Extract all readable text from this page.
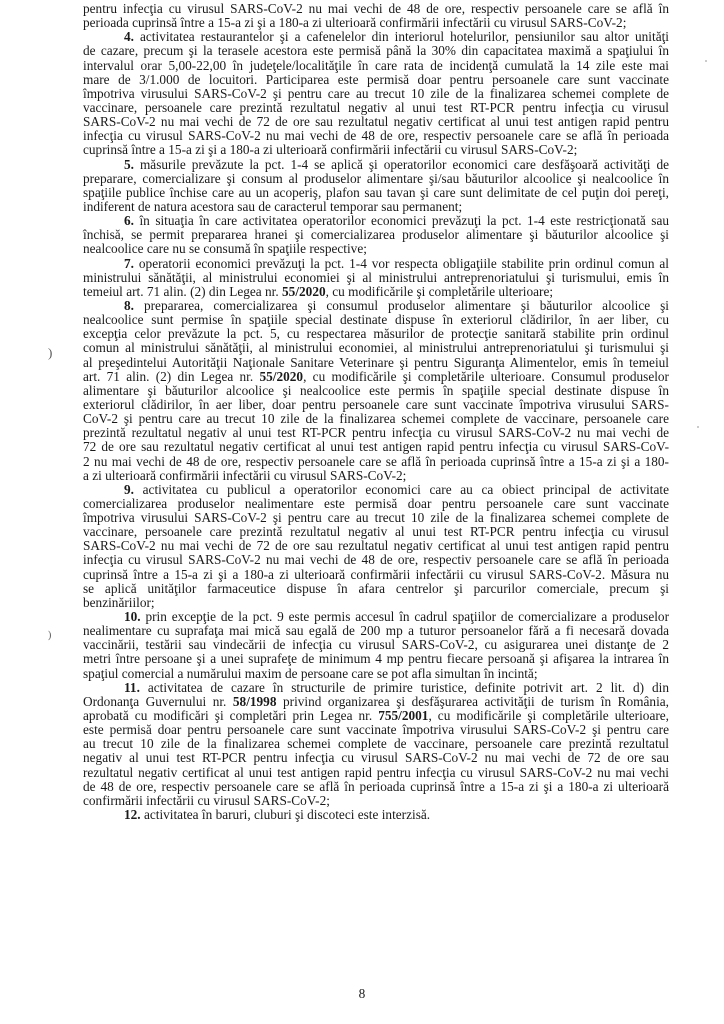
pentru infecţia cu virusul SARS-CoV-2 nu mai vechi de 48 de ore, respectiv persoanele care se află în
perioada cuprinsă între a 15-a zi şi a 180-a zi ulterioară confirmării infectării cu virusul SARS-CoV-2;
4. activitatea restaurantelor şi a cafenelelor din interiorul hotelurilor, pensiunilor sau altor unităţi
de cazare, precum şi la terasele acestora este permisă până la 30% din capacitatea maximă a spaţiului în
intervalul orar 5,00-22,00 în judeţele/localităţile în care rata de incidenţă cumulată la 14 zile este mai
mare de 3/1.000 de locuitori. Participarea este permisă doar pentru persoanele care sunt vaccinate
împotriva virusului SARS-CoV-2 şi pentru care au trecut 10 zile de la finalizarea schemei complete de
vaccinare, persoanele care prezintă rezultatul negativ al unui test RT-PCR pentru infecţia cu virusul
SARS-CoV-2 nu mai vechi de 72 de ore sau rezultatul negativ certificat al unui test antigen rapid pentru
infecţia cu virusul SARS-CoV-2 nu mai vechi de 48 de ore, respectiv persoanele care se află în perioada
cuprinsă între a 15-a zi şi a 180-a zi ulterioară confirmării infectării cu virusul SARS-CoV-2;
5. măsurile prevăzute la pct. 1-4 se aplică şi operatorilor economici care desfăşoară activităţi de
preparare, comercializare şi consum al produselor alimentare şi/sau băuturilor alcoolice şi nealcoolice în
spaţiile publice închise care au un acoperiş, plafon sau tavan şi care sunt delimitate de cel puţin doi pereţi,
indiferent de natura acestora sau de caracterul temporar sau permanent;
6. în situaţia în care activitatea operatorilor economici prevăzuţi la pct. 1-4 este restricţionată sau
închisă, se permit prepararea hranei şi comercializarea produselor alimentare şi băuturilor alcoolice şi
nealcoolice care nu se consumă în spaţiile respective;
7. operatorii economici prevăzuţi la pct. 1-4 vor respecta obligaţiile stabilite prin ordinul comun al
ministrului sănătăţii, al ministrului economiei şi al ministrului antreprenoriatului şi turismului, emis în
temeiul art. 71 alin. (2) din Legea nr. 55/2020, cu modificările şi completările ulterioare;
8. prepararea, comercializarea şi consumul produselor alimentare şi băuturilor alcoolice şi
nealcoolice sunt permise în spaţiile special destinate dispuse în exteriorul clădirilor, în aer liber, cu
excepţia celor prevăzute la pct. 5, cu respectarea măsurilor de protecţie sanitară stabilite prin ordinul
comun al ministrului sănătăţii, al ministrului economiei, al ministrului antreprenoriatului şi turismului şi
al preşedintelui Autorităţii Naţionale Sanitare Veterinare şi pentru Siguranţa Alimentelor, emis în temeiul
art. 71 alin. (2) din Legea nr. 55/2020, cu modificările şi completările ulterioare. Consumul produselor
alimentare şi băuturilor alcoolice şi nealcoolice este permis în spaţiile special destinate dispuse în
exteriorul clădirilor, în aer liber, doar pentru persoanele care sunt vaccinate împotriva virusului SARS-
CoV-2 şi pentru care au trecut 10 zile de la finalizarea schemei complete de vaccinare, persoanele care
prezintă rezultatul negativ al unui test RT-PCR pentru infecţia cu virusul SARS-CoV-2 nu mai vechi de
72 de ore sau rezultatul negativ certificat al unui test antigen rapid pentru infecţia cu virusul SARS-CoV-
2 nu mai vechi de 48 de ore, respectiv persoanele care se află în perioada cuprinsă între a 15-a zi şi a 180-
a zi ulterioară confirmării infectării cu virusul SARS-CoV-2;
9. activitatea cu publicul a operatorilor economici care au ca obiect principal de activitate
comercializarea produselor nealimentare este permisă doar pentru persoanele care sunt vaccinate
împotriva virusului SARS-CoV-2 şi pentru care au trecut 10 zile de la finalizarea schemei complete de
vaccinare, persoanele care prezintă rezultatul negativ al unui test RT-PCR pentru infecţia cu virusul
SARS-CoV-2 nu mai vechi de 72 de ore sau rezultatul negativ certificat al unui test antigen rapid pentru
infecţia cu virusul SARS-CoV-2 nu mai vechi de 48 de ore, respectiv persoanele care se află în perioada
cuprinsă între a 15-a zi şi a 180-a zi ulterioară confirmării infectării cu virusul SARS-CoV-2. Măsura nu
se aplică unităţilor farmaceutice dispuse în afara centrelor şi parcurilor comerciale, precum şi
benzinăriilor;
10. prin excepţie de la pct. 9 este permis accesul în cadrul spaţiilor de comercializare a produselor
nealimentare cu suprafaţa mai mică sau egală de 200 mp a tuturor persoanelor fără a fi necesară dovada
vaccinării, testării sau vindecării de infecţia cu virusul SARS-CoV-2, cu asigurarea unei distanţe de 2
metri între persoane şi a unei suprafeţe de minimum 4 mp pentru fiecare persoană şi afişarea la intrarea în
spaţiul comercial a numărului maxim de persoane care se pot afla simultan în incintă;
11. activitatea de cazare în structurile de primire turistice, definite potrivit art. 2 lit. d) din
Ordonanţa Guvernului nr. 58/1998 privind organizarea şi desfăşurarea activităţii de turism în România,
aprobată cu modificări şi completări prin Legea nr. 755/2001, cu modificările şi completările ulterioare,
este permisă doar pentru persoanele care sunt vaccinate împotriva virusului SARS-CoV-2 şi pentru care
au trecut 10 zile de la finalizarea schemei complete de vaccinare, persoanele care prezintă rezultatul
negativ al unui test RT-PCR pentru infecţia cu virusul SARS-CoV-2 nu mai vechi de 72 de ore sau
rezultatul negativ certificat al unui test antigen rapid pentru infecţia cu virusul SARS-CoV-2 nu mai vechi
de 48 de ore, respectiv persoanele care se află în perioada cuprinsă între a 15-a zi şi a 180-a zi ulterioară
confirmării infectării cu virusul SARS-CoV-2;
12. activitatea în baruri, cluburi şi discoteci este interzisă.
)
)
8
